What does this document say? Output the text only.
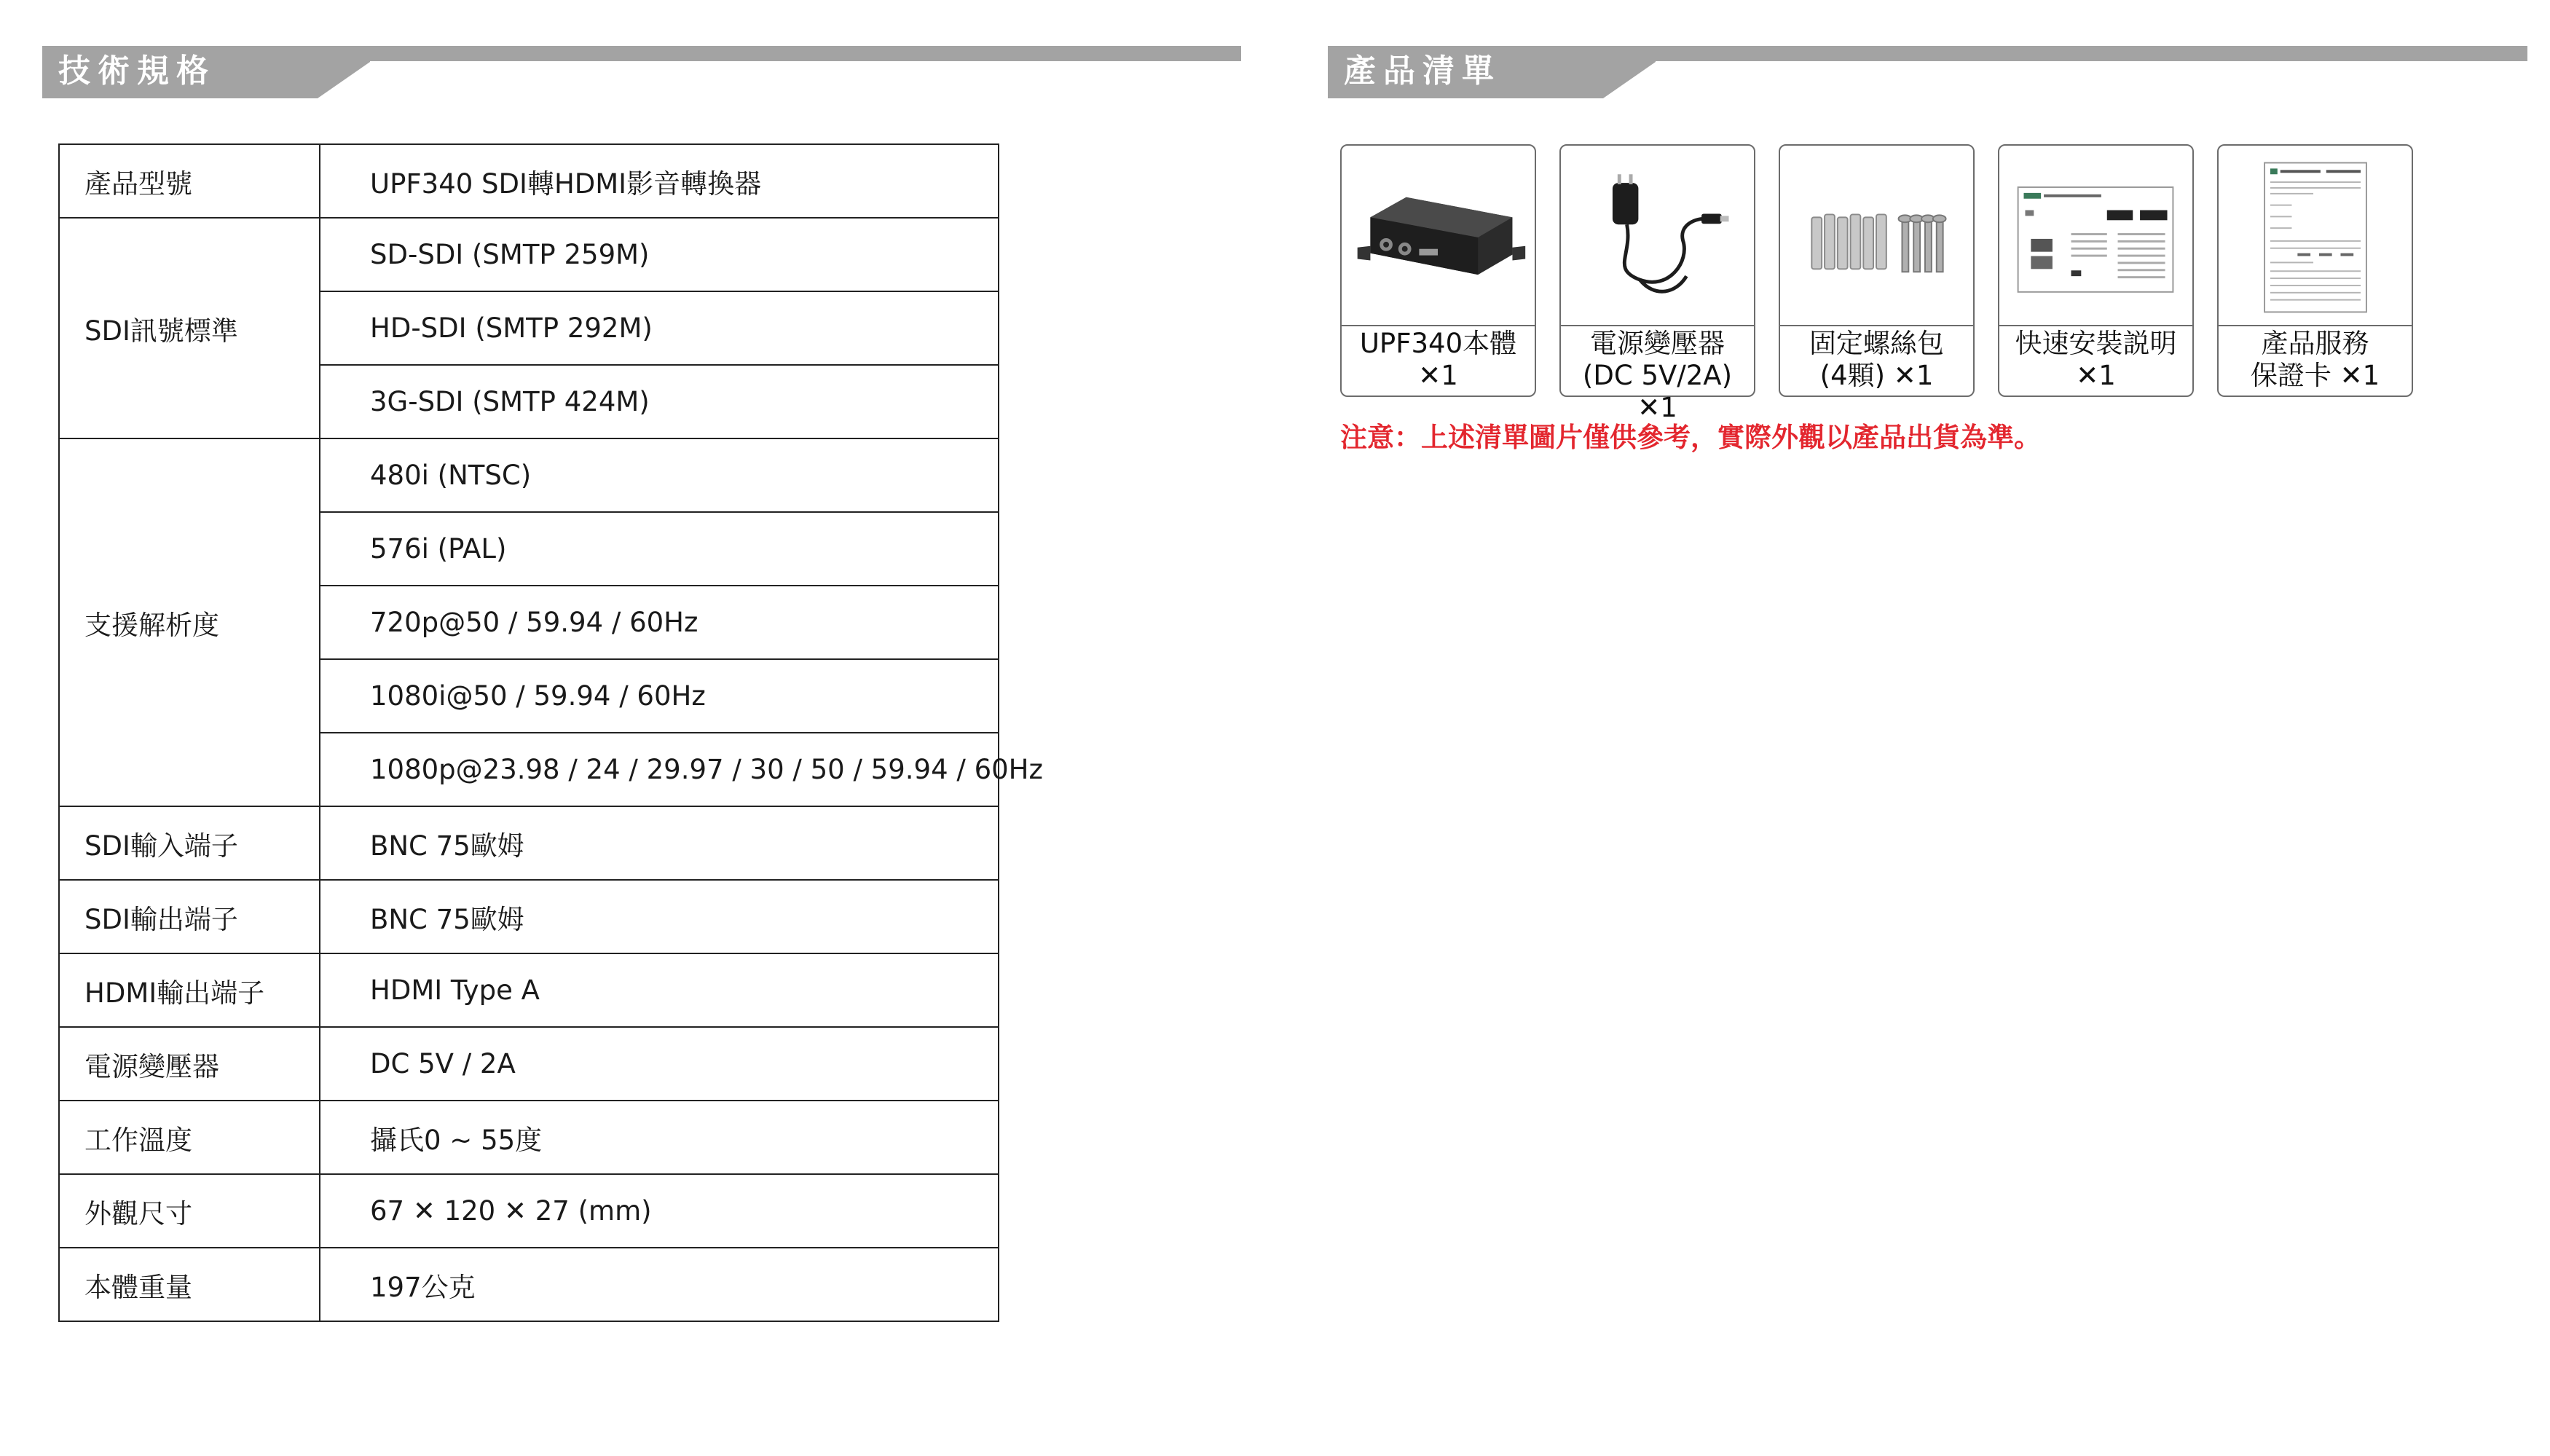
技術規格
產品型號	UPF340 SDI轉HDMI影音轉換器
SDI訊號標準	SD-SDI (SMTP 259M)
	HD-SDI (SMTP 292M)
	3G-SDI (SMTP 424M)
支援解析度	480i (NTSC)
	576i (PAL)
	720p@50 / 59.94 / 60Hz
	1080i@50 / 59.94 / 60Hz
	1080p@23.98 / 24 / 29.97 / 30 / 50 / 59.94 / 60Hz
SDI輸入端子	BNC 75歐姆
SDI輸出端子	BNC 75歐姆
HDMI輸出端子	HDMI Type A
電源變壓器	DC 5V / 2A
工作溫度	攝氏0 ~ 55度
外觀尺寸	67 ✕ 120 ✕ 27 (mm)
本體重量	197公克
產品清單
UPF340本體
✕1
電源變壓器
(DC 5V/2A) ✕1
固定螺絲包
(4顆) ✕1
快速安裝説明
✕1
產品服務
保證卡 ✕1
注意：上述清單圖片僅供參考，實際外觀以產品出貨為準。
